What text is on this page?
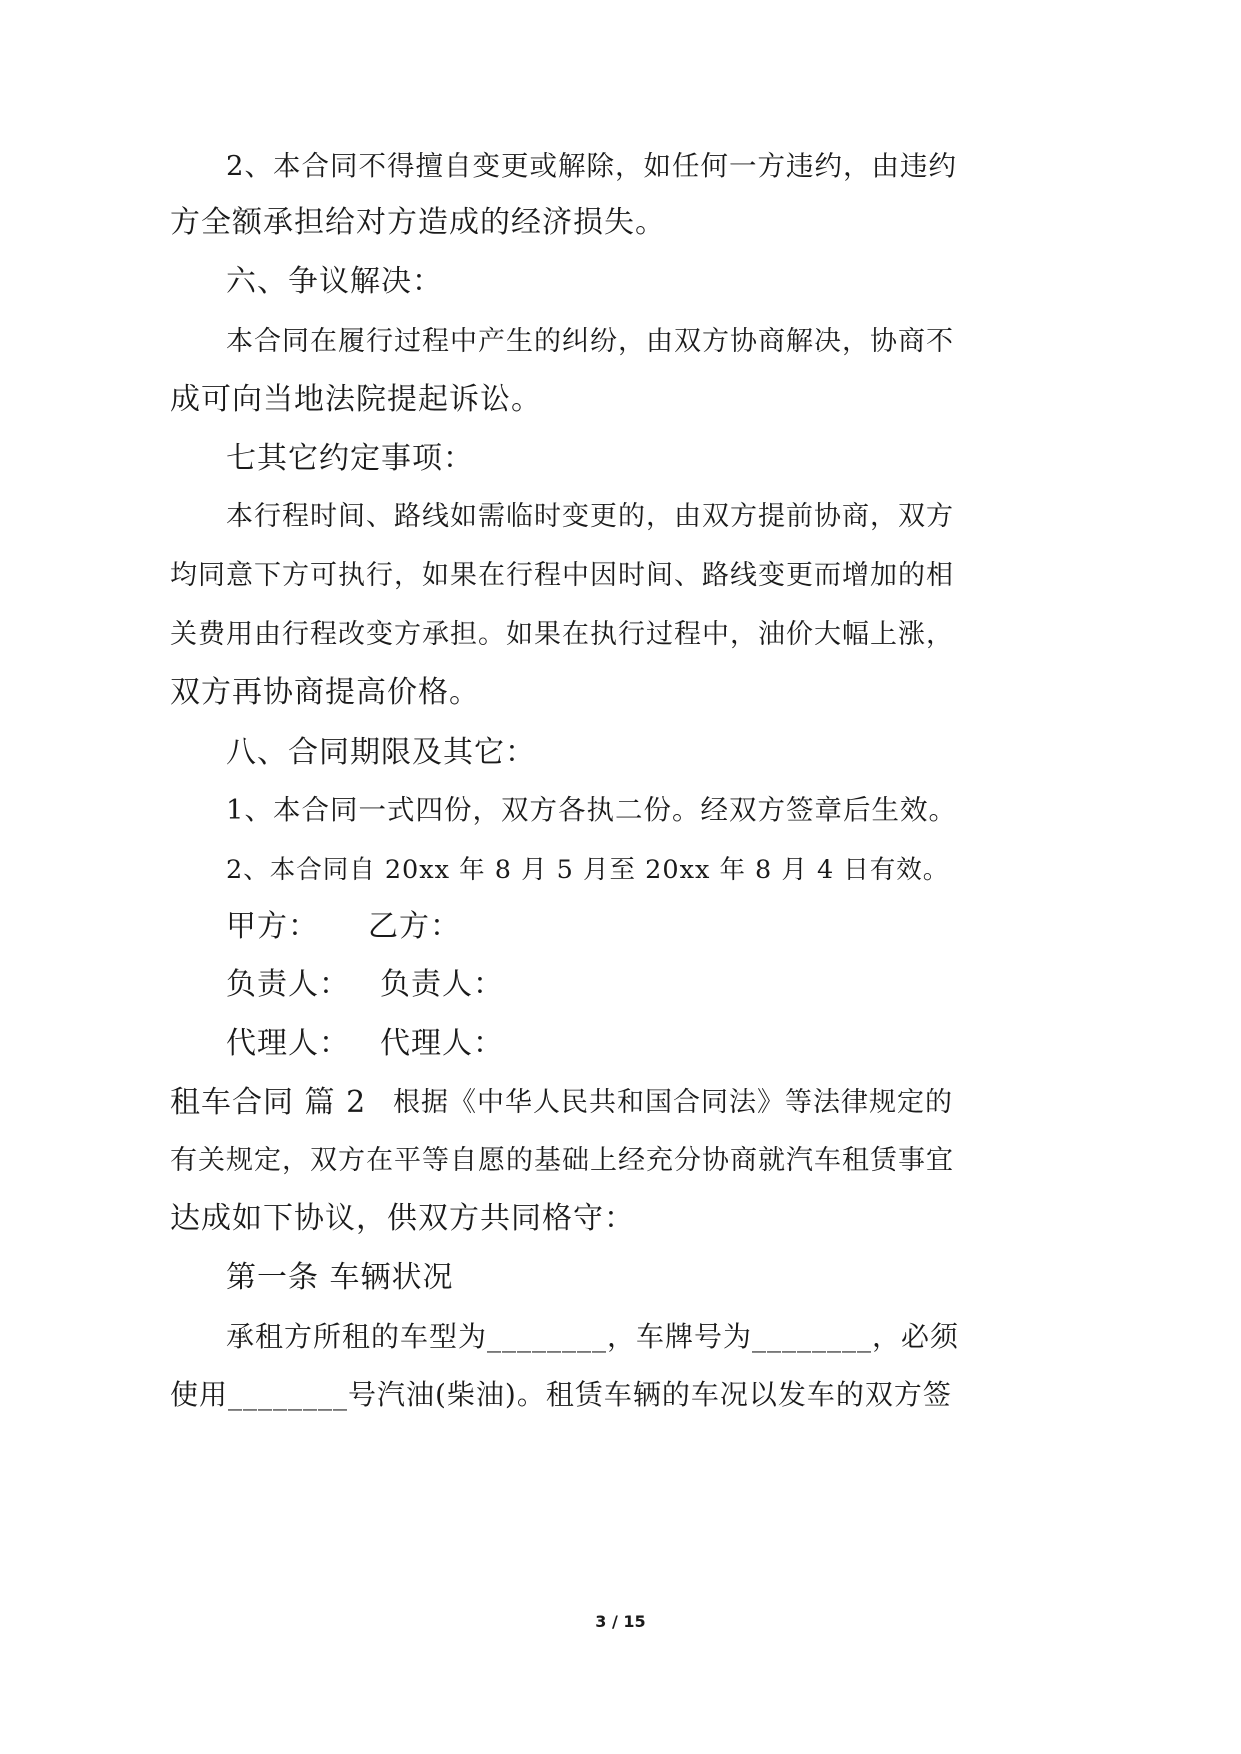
2、本合同不得擅自变更或解除，如任何一方违约，由违约
方全额承担给对方造成的经济损失。
六、争议解决：
本合同在履行过程中产生的纠纷，由双方协商解决，协商不
成可向当地法院提起诉讼。
七其它约定事项：
本行程时间、路线如需临时变更的，由双方提前协商，双方
均同意下方可执行，如果在行程中因时间、路线变更而增加的相
关费用由行程改变方承担。如果在执行过程中，油价大幅上涨，
双方再协商提高价格。
八、合同期限及其它：
1、本合同一式四份，双方各执二份。经双方签章后生效。
2、本合同自 20xx 年 8 月 5 月至 20xx 年 8 月 4 日有效。
甲方： 乙方：
负责人： 负责人：
代理人： 代理人：
租车合同 篇 2 根据《中华人民共和国合同法》等法律规定的
有关规定，双方在平等自愿的基础上经充分协商就汽车租赁事宜
达成如下协议，供双方共同格守：
第一条 车辆状况
承租方所租的车型为________，车牌号为________，必须
使用________号汽油(柴油)。租赁车辆的车况以发车的双方签
3 / 15
